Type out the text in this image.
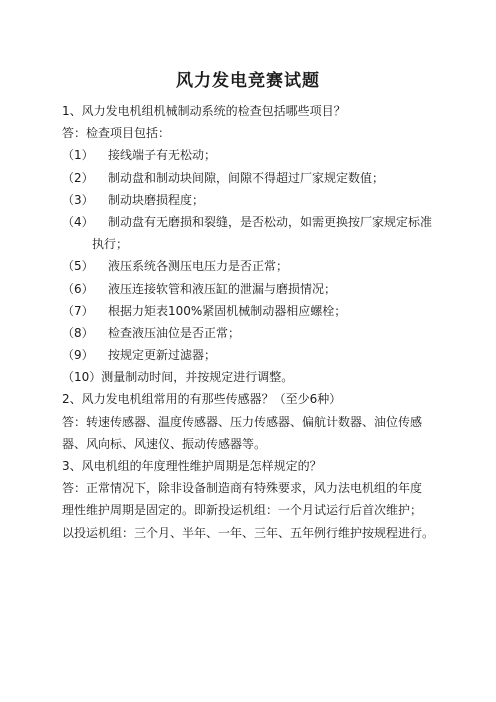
风力发电竞赛试题
1、风力发电机组机械制动系统的检查包括哪些项目？
答：检查项目包括：
（1）	接线端子有无松动；
（2）	制动盘和制动块间隙，间隙不得超过厂家规定数值；
（3）	制动块磨损程度；
（4）	制动盘有无磨损和裂缝，是否松动，如需更换按厂家规定标准
执行；
（5）	液压系统各测压电压力是否正常；
（6）	液压连接软管和液压缸的泄漏与磨损情况；
（7）	根据力矩表100%紧固机械制动器相应螺栓；
（8）	检查液压油位是否正常；
（9）	按规定更新过滤器；
（10）测量制动时间，并按规定进行调整。
2、风力发电机组常用的有那些传感器？（至少6种）
答：转速传感器、温度传感器、压力传感器、偏航计数器、油位传感
器、风向标、风速仪、振动传感器等。
3、风电机组的年度理性维护周期是怎样规定的？
答：正常情况下，除非设备制造商有特殊要求，风力法电机组的年度
理性维护周期是固定的。即新投运机组：一个月试运行后首次维护；
以投运机组：三个月、半年、一年、三年、五年例行维护按规程进行。
